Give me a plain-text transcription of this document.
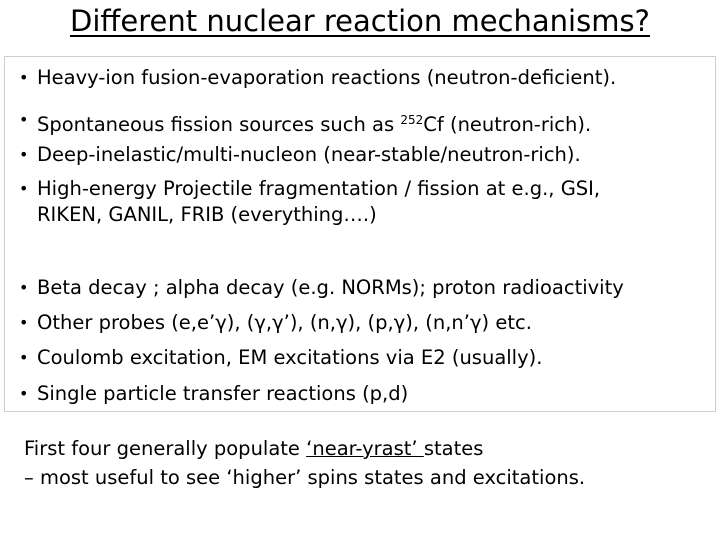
Different nuclear reaction mechanisms?
• Heavy-ion fusion-evaporation reactions (neutron-deficient).
• Spontaneous fission sources such as $^{252}$Cf (neutron-rich).
• Deep-inelastic/multi-nucleon (near-stable/neutron-rich).
• High-energy Projectile fragmentation / fission at e.g., GSI,
RIKEN, GANIL, FRIB (everything….)
• Beta decay ; alpha decay (e.g. NORMs); proton radioactivity
• Other probes (e,e’γ), (γ,γ’), (n,γ), (p,γ), (n,n’γ) etc.
• Coulomb excitation, EM excitations via E2 (usually).
• Single particle transfer reactions (p,d)
First four generally populate ‘near-yrast’ states
– most useful to see ‘higher’ spins states and excitations.
